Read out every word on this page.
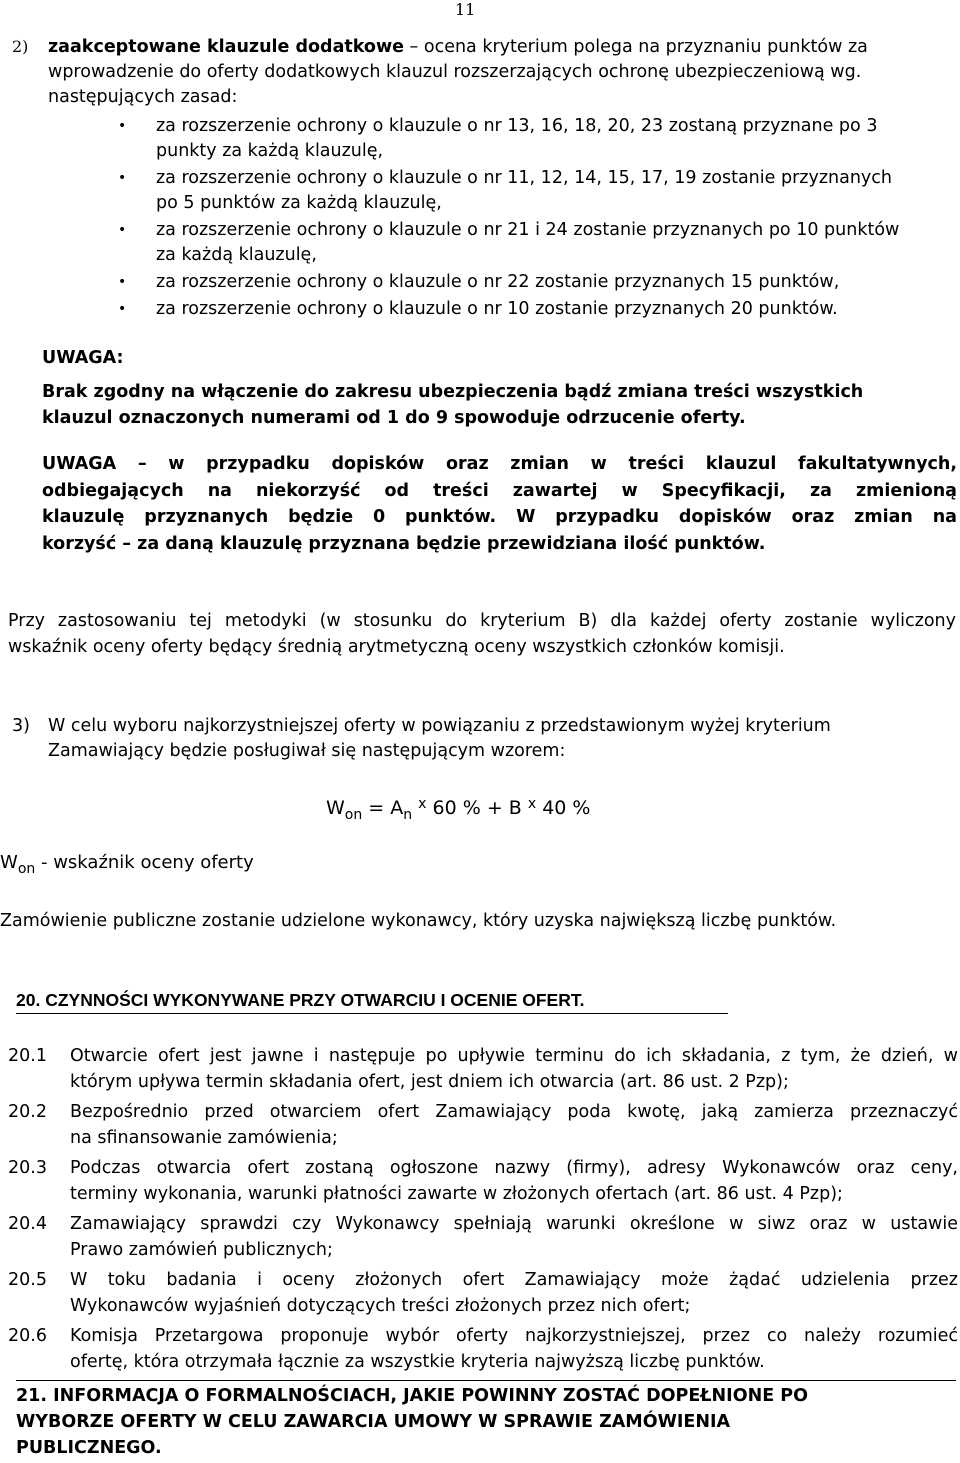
11
2) zaakceptowane klauzule dodatkowe – ocena kryterium polega na przyznaniu punktów za
wprowadzenie do oferty dodatkowych klauzul rozszerzających ochronę ubezpieczeniową wg.
następujących zasad:
• za rozszerzenie ochrony o klauzule o nr 13, 16, 18, 20, 23 zostaną przyznane po 3
punkty za każdą klauzulę,
• za rozszerzenie ochrony o klauzule o nr 11, 12, 14, 15, 17, 19 zostanie przyznanych
po 5 punktów za każdą klauzulę,
• za rozszerzenie ochrony o klauzule o nr 21 i 24 zostanie przyznanych po 10 punktów
za każdą klauzulę,
• za rozszerzenie ochrony o klauzule o nr 22 zostanie przyznanych 15 punktów,
• za rozszerzenie ochrony o klauzule o nr 10 zostanie przyznanych 20 punktów.
UWAGA:
Brak zgodny na włączenie do zakresu ubezpieczenia bądź zmiana treści wszystkich
klauzul oznaczonych numerami od 1 do 9 spowoduje odrzucenie oferty.
UWAGA – w przypadku dopisków oraz zmian w treści klauzul fakultatywnych,
odbiegających na niekorzyść od treści zawartej w Specyfikacji, za zmienioną
klauzulę przyznanych będzie 0 punktów. W przypadku dopisków oraz zmian na
korzyść – za daną klauzulę przyznana będzie przewidziana ilość punktów.
Przy zastosowaniu tej metodyki (w stosunku do kryterium B) dla każdej oferty zostanie wyliczony
wskaźnik oceny oferty będący średnią arytmetyczną oceny wszystkich członków komisji.
3) W celu wyboru najkorzystniejszej oferty w powiązaniu z przedstawionym wyżej kryterium
Zamawiający będzie posługiwał się następującym wzorem:
$W_{on} = A_n$ $^x$ 60 % + B $^x$ 40 %
$W_{on}$ - wskaźnik oceny oferty
Zamówienie publiczne zostanie udzielone wykonawcy, który uzyska największą liczbę punktów.
20. CZYNNOŚCI WYKONYWANE PRZY OTWARCIU I OCENIE OFERT.
20.1 Otwarcie ofert jest jawne i następuje po upływie terminu do ich składania, z tym, że dzień, w
którym upływa termin składania ofert, jest dniem ich otwarcia (art. 86 ust. 2 Pzp);
20.2 Bezpośrednio przed otwarciem ofert Zamawiający poda kwotę, jaką zamierza przeznaczyć
na sfinansowanie zamówienia;
20.3 Podczas otwarcia ofert zostaną ogłoszone nazwy (firmy), adresy Wykonawców oraz ceny,
terminy wykonania, warunki płatności zawarte w złożonych ofertach (art. 86 ust. 4 Pzp);
20.4 Zamawiający sprawdzi czy Wykonawcy spełniają warunki określone w siwz oraz w ustawie
Prawo zamówień publicznych;
20.5 W toku badania i oceny złożonych ofert Zamawiający może żądać udzielenia przez
Wykonawców wyjaśnień dotyczących treści złożonych przez nich ofert;
20.6 Komisja Przetargowa proponuje wybór oferty najkorzystniejszej, przez co należy rozumieć
ofertę, która otrzymała łącznie za wszystkie kryteria najwyższą liczbę punktów.
21. INFORMACJA O FORMALNOŚCIACH, JAKIE POWINNY ZOSTAĆ DOPEŁNIONE PO
WYBORZE OFERTY W CELU ZAWARCIA UMOWY W SPRAWIE ZAMÓWIENIA
PUBLICZNEGO.
